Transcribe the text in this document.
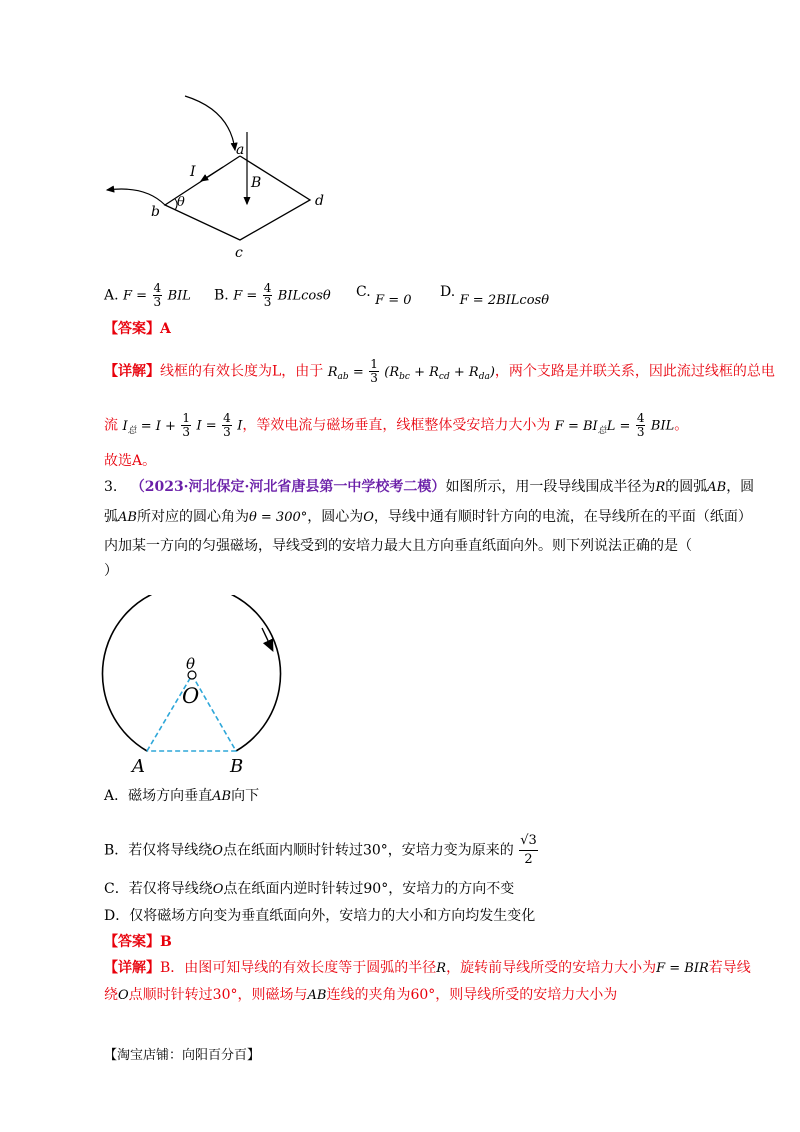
a
b
c
d
I
B
θ
A. $F = \frac{4}{3}$ BIL B. $F = \frac{4}{3}$ BILcosθ C. F = 0
D. F = 2BILcosθ
【答案】A
【详解】线框的有效长度为L，由于 $R_{ab} = \frac{1}{3} (R_{bc} + R_{cd} + R_{da})$，两个支路是并联关系，因此流过线框的总电
流 $I_总 = I + \frac{1}{3}$ $I = \frac{4}{3}$ I，等效电流与磁场垂直，线框整体受安培力大小为 $F = BI_总L = \frac{4}{3}$ BIL。
故选A。
3. （2023·河北保定·河北省唐县第一中学校考二模）如图所示，用一段导线围成半径为R的圆弧AB，圆
弧AB所对应的圆心角为θ = 300°，圆心为O，导线中通有顺时针方向的电流，在导线所在的平面（纸面）
内加某一方向的匀强磁场，导线受到的安培力最大且方向垂直纸面向外。则下列说法正确的是（
）
θ
O
A	B
A．磁场方向垂直AB向下
B．若仅将导线绕O点在纸面内顺时针转过30°，安培力变为原来的 $\frac{√3}{2}$
C．若仅将导线绕O点在纸面内逆时针转过90°，安培力的方向不变
D．仅将磁场方向变为垂直纸面向外，安培力的大小和方向均发生变化
【答案】B
【详解】B．由图可知导线的有效长度等于圆弧的半径R，旋转前导线所受的安培力大小为F = BIR若导线
绕O点顺时针转过30°，则磁场与AB连线的夹角为60°，则导线所受的安培力大小为
【淘宝店铺：向阳百分百】
